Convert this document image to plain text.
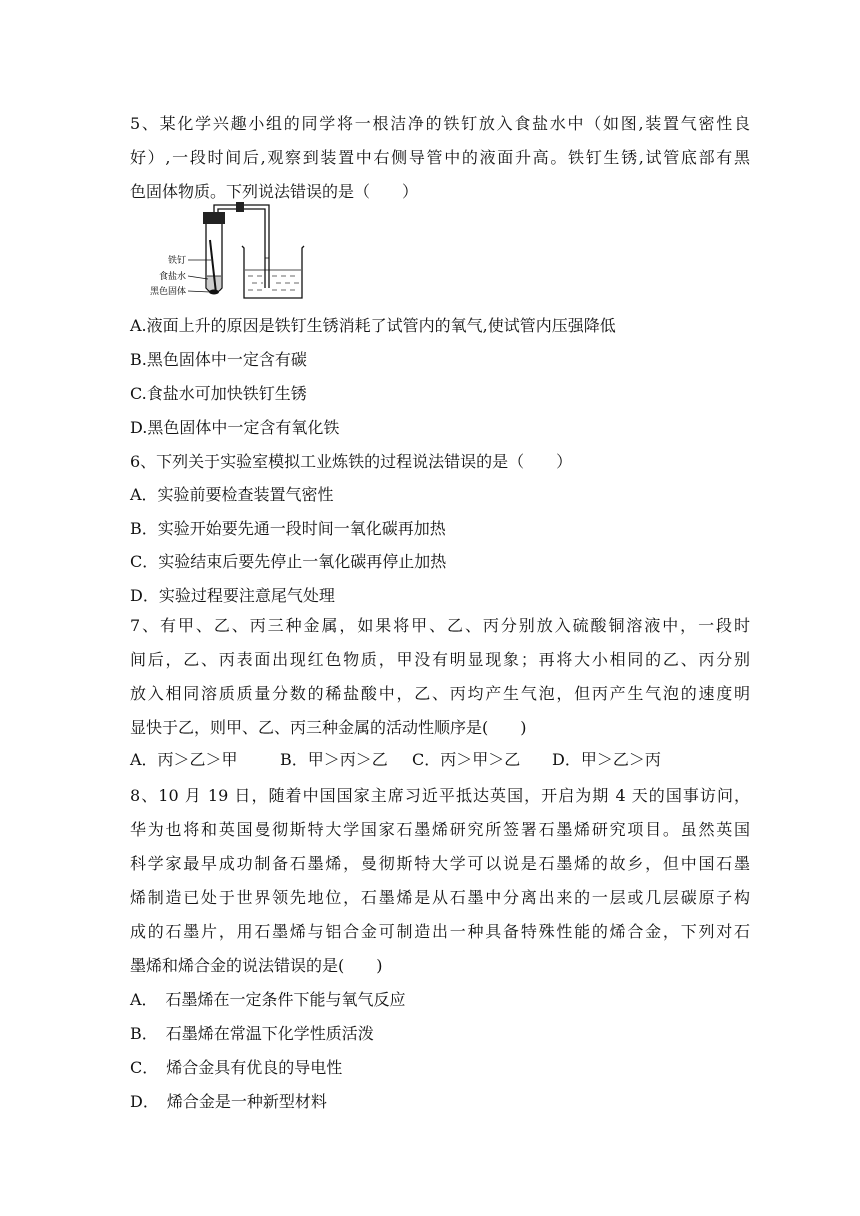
5、某化学兴趣小组的同学将一根洁净的铁钉放入食盐水中（如图,装置气密性良
好）,一段时间后,观察到装置中右侧导管中的液面升高。铁钉生锈,试管底部有黑
色固体物质。下列说法错误的是（　　）
铁钉
食盐水
黑色固体
A.液面上升的原因是铁钉生锈消耗了试管内的氧气,使试管内压强降低
B.黑色固体中一定含有碳
C.食盐水可加快铁钉生锈
D.黑色固体中一定含有氧化铁
6、下列关于实验室模拟工业炼铁的过程说法错误的是（　　）
A．实验前要检查装置气密性
B．实验开始要先通一段时间一氧化碳再加热
C．实验结束后要先停止一氧化碳再停止加热
D．实验过程要注意尾气处理
7、有甲、乙、丙三种金属，如果将甲、乙、丙分别放入硫酸铜溶液中，一段时
间后，乙、丙表面出现红色物质，甲没有明显现象；再将大小相同的乙、丙分别
放入相同溶质质量分数的稀盐酸中，乙、丙均产生气泡，但丙产生气泡的速度明
显快于乙，则甲、乙、丙三种金属的活动性顺序是(　　)
A．丙＞乙＞甲	B．甲＞丙＞乙 C．丙＞甲＞乙 D．甲＞乙＞丙
8、10 月 19 日，随着中国国家主席习近平抵达英国，开启为期 4 天的国事访问，
华为也将和英国曼彻斯特大学国家石墨烯研究所签署石墨烯研究项目。虽然英国
科学家最早成功制备石墨烯，曼彻斯特大学可以说是石墨烯的故乡，但中国石墨
烯制造已处于世界领先地位，石墨烯是从石墨中分离出来的一层或几层碳原子构
成的石墨片，用石墨烯与铝合金可制造出一种具备特殊性能的烯合金，下列对石
墨烯和烯合金的说法错误的是(　　)
A．　石墨烯在一定条件下能与氧气反应
B．　石墨烯在常温下化学性质活泼
C．　烯合金具有优良的导电性
D．　烯合金是一种新型材料
